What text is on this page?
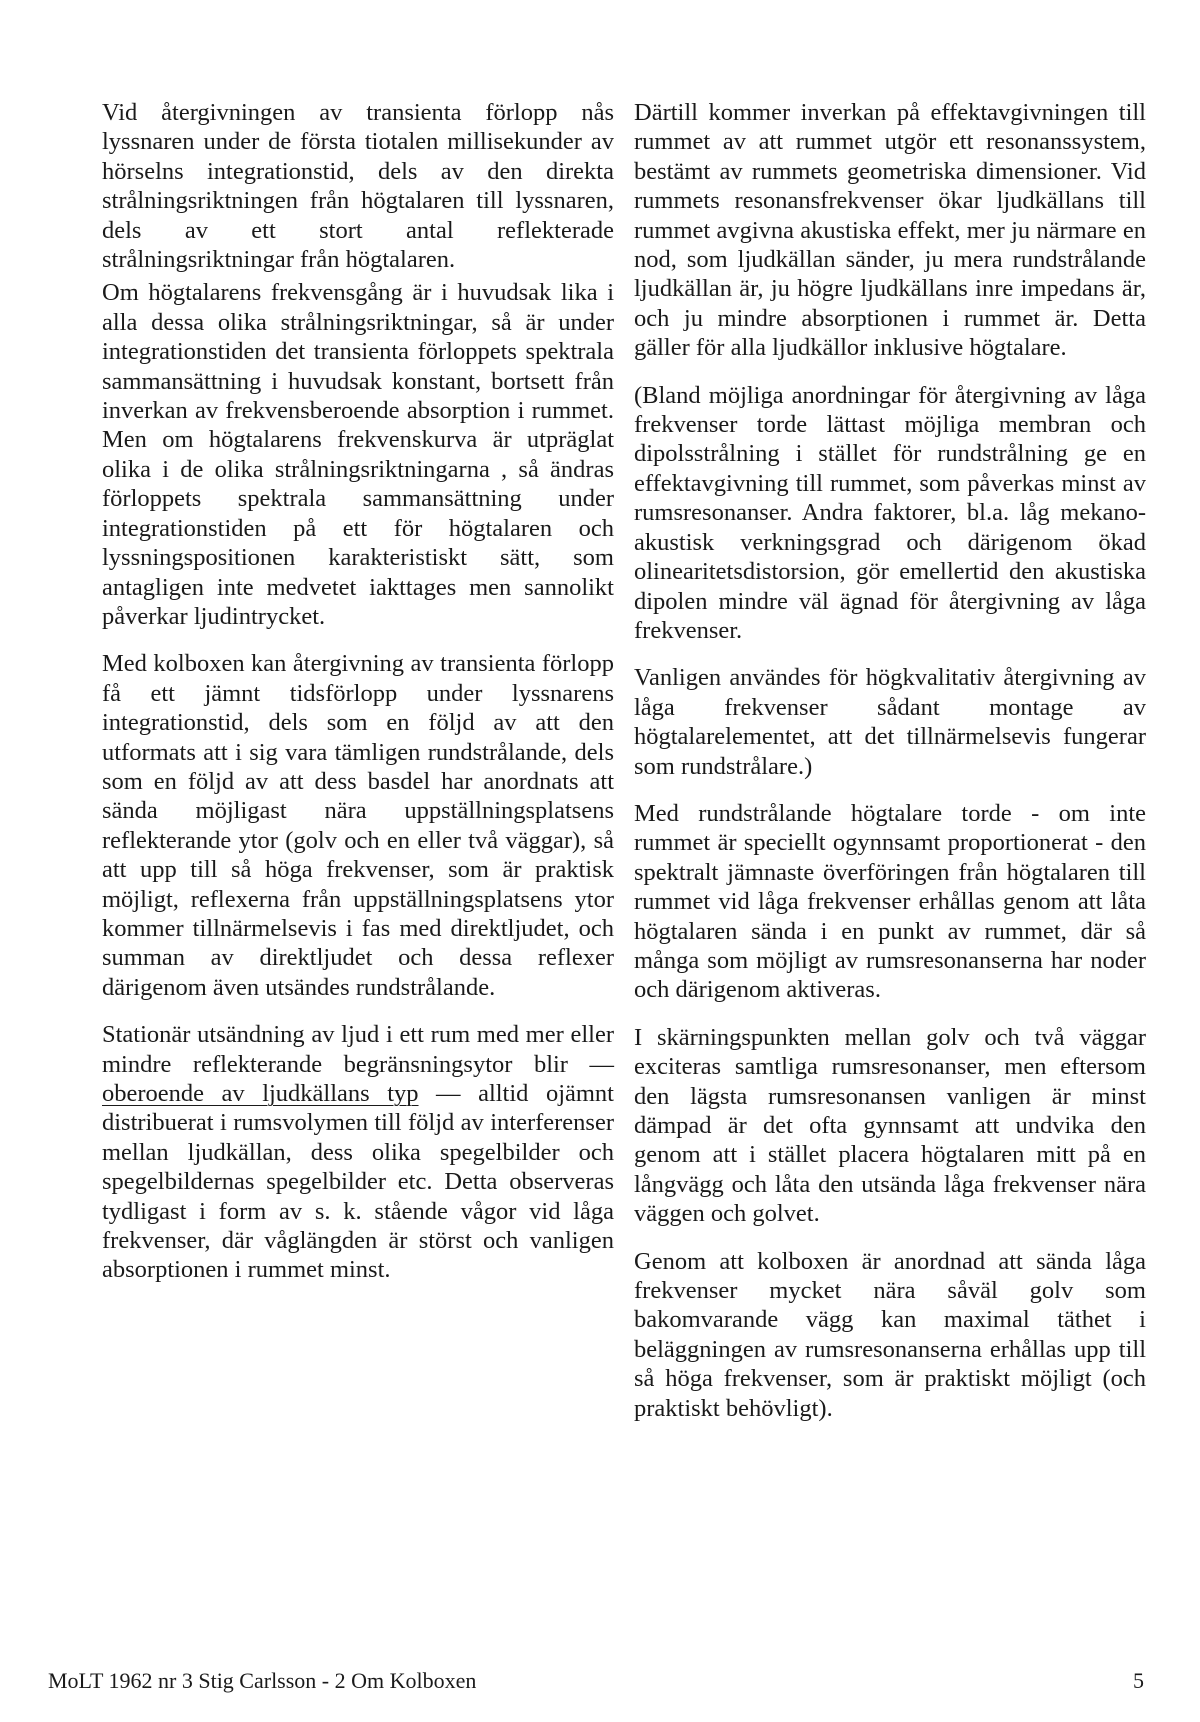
Vid återgivningen av transienta förlopp nås lyssnaren under de första tiotalen millisekunder av hörselns integrationstid, dels av den direkta strålningsriktningen från högtalaren till lyssnaren, dels av ett stort antal reflekterade strålningsriktningar från högtalaren.

Om högtalarens frekvensgång är i huvudsak lika i alla dessa olika strålningsriktningar, så är under integrationstiden det transienta förloppets spektrala sammansättning i huvudsak konstant, bortsett från inverkan av frekvensberoende absorption i rummet. Men om högtalarens frekvenskurva är utpräglat olika i de olika strålningsriktningarna , så ändras förloppets spektrala sammansättning under integrationstiden på ett för högtalaren och lyssningspositionen karakteristiskt sätt, som antagligen inte medvetet iakttages men sannolikt påverkar ljudintrycket.

Med kolboxen kan återgivning av transienta förlopp få ett jämnt tidsförlopp under lyssnarens integrationstid, dels som en följd av att den utformats att i sig vara tämligen rundstrålande, dels som en följd av att dess basdel har anordnats att sända möjligast nära uppställningsplatsens reflekterande ytor (golv och en eller två väggar), så att upp till så höga frekvenser, som är praktisk möjligt, reflexerna från uppställningsplatsens ytor kommer tillnärmelsevis i fas med direktljudet, och summan av direktljudet och dessa reflexer därigenom även utsändes rundstrålande.

Stationär utsändning av ljud i ett rum med mer eller mindre reflekterande begränsningsytor blir — oberoende av ljudkällans typ — alltid ojämnt distribuerat i rumsvolymen till följd av interferenser mellan ljudkällan, dess olika spegelbilder och spegelbildernas spegelbilder etc. Detta observeras tydligast i form av s. k. stående vågor vid låga frekvenser, där våglängden är störst och vanligen absorptionen i rummet minst.

Därtill kommer inverkan på effektavgivningen till rummet av att rummet utgör ett resonanssystem, bestämt av rummets geometriska dimensioner. Vid rummets resonansfrekvenser ökar ljudkällans till rummet avgivna akustiska effekt, mer ju närmare en nod, som ljudkällan sänder, ju mera rundstrålande ljudkällan är, ju högre ljudkällans inre impedans är, och ju mindre absorptionen i rummet är. Detta gäller för alla ljudkällor inklusive högtalare.

(Bland möjliga anordningar för återgivning av låga frekvenser torde lättast möjliga membran och dipolsstrålning i stället för rundstrålning ge en effektavgivning till rummet, som påverkas minst av rumsresonanser. Andra faktorer, bl.a. låg mekano-akustisk verkningsgrad och därigenom ökad olinearitetsdistorsion, gör emellertid den akustiska dipolen mindre väl ägnad för återgivning av låga frekvenser.

Vanligen användes för högkvalitativ återgivning av låga frekvenser sådant montage av högtalarelementet, att det tillnärmelsevis fungerar som rundstrålare.)

Med rundstrålande högtalare torde - om inte rummet är speciellt ogynnsamt proportionerat - den spektralt jämnaste överföringen från högtalaren till rummet vid låga frekvenser erhållas genom att låta högtalaren sända i en punkt av rummet, där så många som möjligt av rumsresonanserna har noder och därigenom aktiveras.

I skärningspunkten mellan golv och två väggar exciteras samtliga rumsresonanser, men eftersom den lägsta rumsresonansen vanligen är minst dämpad är det ofta gynnsamt att undvika den genom att i stället placera högtalaren mitt på en långvägg och låta den utsända låga frekvenser nära väggen och golvet.

Genom att kolboxen är anordnad att sända låga frekvenser mycket nära såväl golv som bakomvarande vägg kan maximal täthet i beläggningen av rumsresonanserna erhållas upp till så höga frekvenser, som är praktiskt möjligt (och praktiskt behövligt).

MoLT 1962 nr 3 Stig Carlsson - 2 Om Kolboxen	5
